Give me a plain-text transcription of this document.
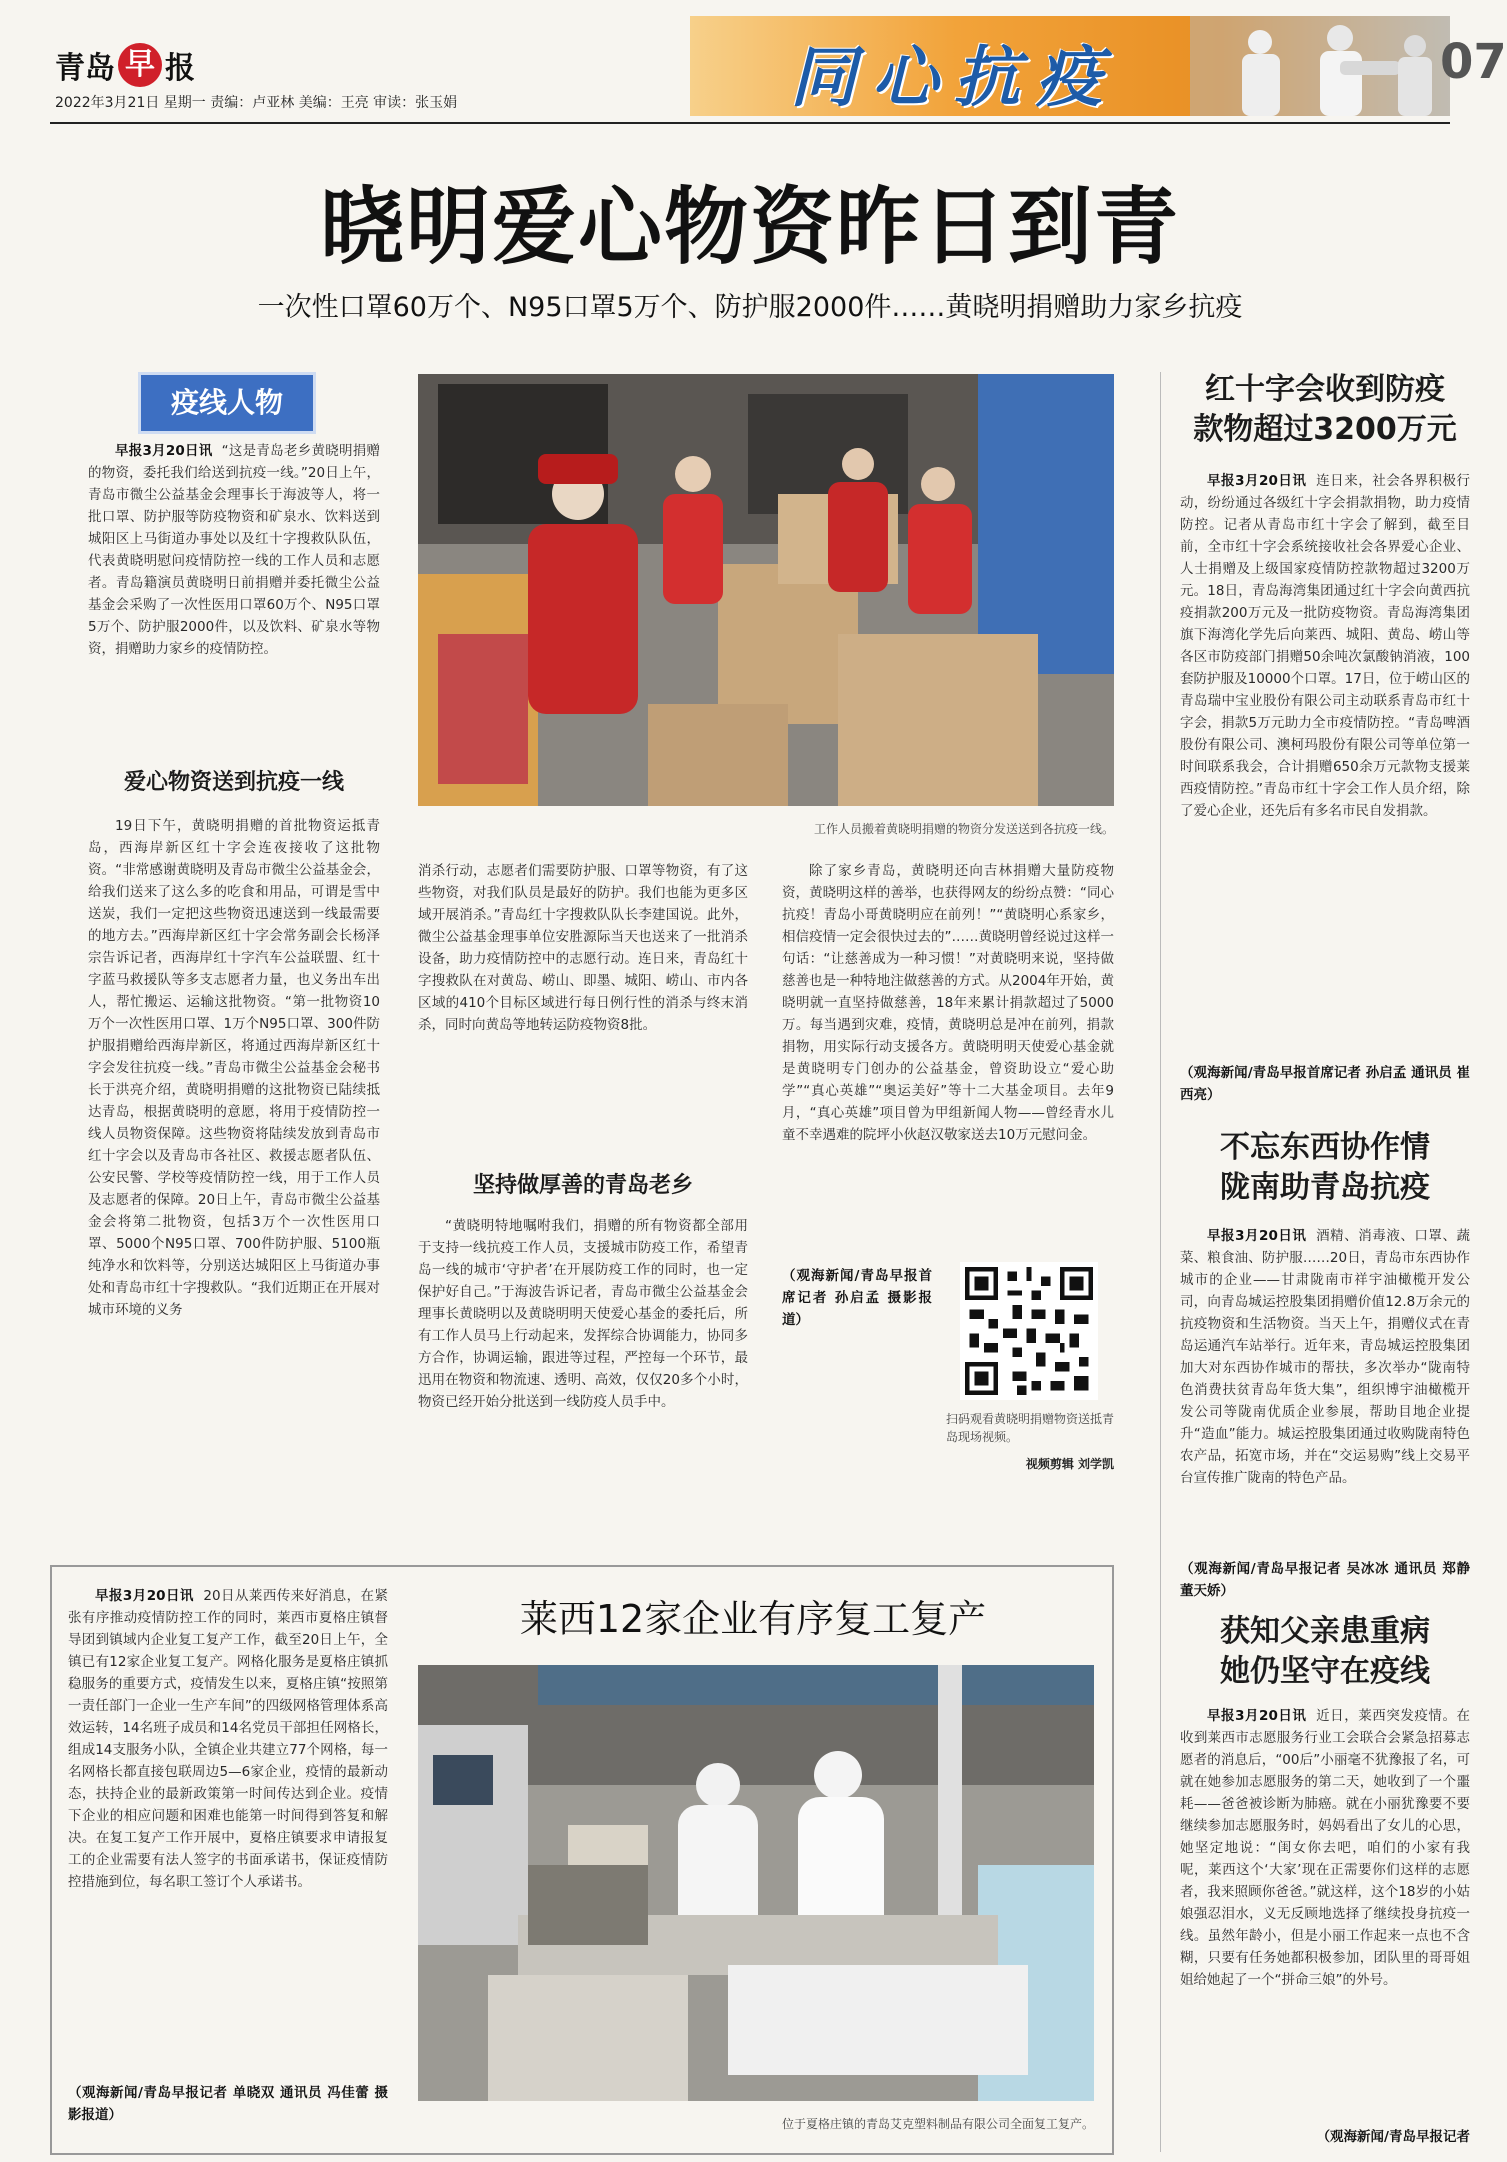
青岛 早 报
2022年3月21日 星期一 责编：卢亚林 美编：王亮 审读：张玉娟	同心抗疫	07
晓明爱心物资昨日到青
一次性口罩60万个、N95口罩5万个、防护服2000件……黄晓明捐赠助力家乡抗疫
疫线人物

早报3月20日讯 “这是青岛老乡黄晓明捐赠的物资，委托我们给送到抗疫一线。”20日上午，青岛市微尘公益基金会理事长于海波等人，将一批口罩、防护服等防疫物资和矿泉水、饮料送到城阳区上马街道办事处以及红十字搜救队队伍，代表黄晓明慰问疫情防控一线的工作人员和志愿者。青岛籍演员黄晓明日前捐赠并委托微尘公益基金会采购了一次性医用口罩60万个、N95口罩5万个、防护服2000件，以及饮料、矿泉水等物资，捐赠助力家乡的疫情防控。

爱心物资送到抗疫一线

19日下午，黄晓明捐赠的首批物资运抵青岛，西海岸新区红十字会连夜接收了这批物资。“非常感谢黄晓明及青岛市微尘公益基金会，给我们送来了这么多的吃食和用品，可谓是雪中送炭，我们一定把这些物资迅速送到一线最需要的地方去。”西海岸新区红十字会常务副会长杨泽宗告诉记者，西海岸红十字汽车公益联盟、红十字蓝马救援队等多支志愿者力量，也义务出车出人，帮忙搬运、运输这批物资。“第一批物资10万个一次性医用口罩、1万个N95口罩、300件防护服捐赠给西海岸新区，将通过西海岸新区红十字会发往抗疫一线。”青岛市微尘公益基金会秘书长于洪亮介绍，黄晓明捐赠的这批物资已陆续抵达青岛，根据黄晓明的意愿，将用于疫情防控一线人员物资保障。这些物资将陆续发放到青岛市红十字会以及青岛市各社区、救援志愿者队伍、公安民警、学校等疫情防控一线，用于工作人员及志愿者的保障。20日上午，青岛市微尘公益基金会将第二批物资，包括3万个一次性医用口罩、5000个N95口罩、700件防护服、5100瓶纯净水和饮料等，分别送达城阳区上马街道办事处和青岛市红十字搜救队。“我们近期正在开展对城市环境的义务

工作人员搬着黄晓明捐赠的物资分发送送到各抗疫一线。

消杀行动，志愿者们需要防护服、口罩等物资，有了这些物资，对我们队员是最好的防护。我们也能为更多区域开展消杀。”青岛红十字搜救队队长李建国说。此外，微尘公益基金理事单位安胜源际当天也送来了一批消杀设备，助力疫情防控中的志愿行动。连日来，青岛红十字搜救队在对黄岛、崂山、即墨、城阳、崂山、市内各区域的410个目标区域进行每日例行性的消杀与终末消杀，同时向黄岛等地转运防疫物资8批。

坚持做厚善的青岛老乡

“黄晓明特地嘱咐我们，捐赠的所有物资都全部用于支持一线抗疫工作人员，支援城市防疫工作，希望青岛一线的城市‘守护者’在开展防疫工作的同时，也一定保护好自己。”于海波告诉记者，青岛市微尘公益基金会理事长黄晓明以及黄晓明明天使爱心基金的委托后，所有工作人员马上行动起来，发挥综合协调能力，协同多方合作，协调运输，跟进等过程，严控每一个环节，最迅用在物资和物流速、透明、高效，仅仅20多个小时，物资已经开始分批送到一线防疫人员手中。

除了家乡青岛，黄晓明还向吉林捐赠大量防疫物资，黄晓明这样的善举，也获得网友的纷纷点赞：“同心抗疫！青岛小哥黄晓明应在前列！”“黄晓明心系家乡，相信疫情一定会很快过去的”……黄晓明曾经说过这样一句话：“让慈善成为一种习惯！”对黄晓明来说，坚持做慈善也是一种特地注做慈善的方式。从2004年开始，黄晓明就一直坚持做慈善，18年来累计捐款超过了5000万。每当遇到灾难，疫情，黄晓明总是冲在前列，捐款捐物，用实际行动支援各方。黄晓明明天使爱心基金就是黄晓明专门创办的公益基金，曾资助设立“爱心助学”“真心英雄”“奥运美好”等十二大基金项目。去年9月，“真心英雄”项目曾为甲组新闻人物——曾经青水儿童不幸遇难的院坪小伙赵汉敬家送去10万元慰问金。

（观海新闻/青岛早报首席记者 孙启孟 摄影报道）

扫码观看黄晓明捐赠物资送抵青岛现场视频。
视频剪辑 刘学凯
红十字会收到防疫
款物超过3200万元

早报3月20日讯 连日来，社会各界积极行动，纷纷通过各级红十字会捐款捐物，助力疫情防控。记者从青岛市红十字会了解到，截至目前，全市红十字会系统接收社会各界爱心企业、人士捐赠及上级国家疫情防控款物超过3200万元。18日，青岛海湾集团通过红十字会向黄西抗疫捐款200万元及一批防疫物资。青岛海湾集团旗下海湾化学先后向莱西、城阳、黄岛、崂山等各区市防疫部门捐赠50余吨次氯酸钠消液，100套防护服及10000个口罩。17日，位于崂山区的青岛瑞中宝业股份有限公司主动联系青岛市红十字会，捐款5万元助力全市疫情防控。“青岛啤酒股份有限公司、澳柯玛股份有限公司等单位第一时间联系我会，合计捐赠650余万元款物支援莱西疫情防控。”青岛市红十字会工作人员介绍，除了爱心企业，还先后有多名市民自发捐款。

（观海新闻/青岛早报首席记者 孙启孟 通讯员 崔西亮）

不忘东西协作情
陇南助青岛抗疫

早报3月20日讯 酒精、消毒液、口罩、蔬菜、粮食油、防护服……20日，青岛市东西协作城市的企业——甘肃陇南市祥宇油橄榄开发公司，向青岛城运控股集团捐赠价值12.8万余元的抗疫物资和生活物资。当天上午，捐赠仪式在青岛运通汽车站举行。近年来，青岛城运控股集团加大对东西协作城市的帮扶，多次举办“陇南特色消费扶贫青岛年货大集”，组织博宇油橄榄开发公司等陇南优质企业参展，帮助目地企业提升“造血”能力。城运控股集团通过收购陇南特色农产品，拓宽市场，并在“交运易购”线上交易平台宣传推广陇南的特色产品。

（观海新闻/青岛早报记者 吴冰冰 通讯员 郑静 董天娇）

获知父亲患重病
她仍坚守在疫线

早报3月20日讯 近日，莱西突发疫情。在收到莱西市志愿服务行业工会联合会紧急招募志愿者的消息后，“00后”小丽毫不犹豫报了名，可就在她参加志愿服务的第二天，她收到了一个噩耗——爸爸被诊断为肺癌。就在小丽犹豫要不要继续参加志愿服务时，妈妈看出了女儿的心思，她坚定地说：“闺女你去吧，咱们的小家有我呢，莱西这个‘大家’现在正需要你们这样的志愿者，我来照顾你爸爸。”就这样，这个18岁的小姑娘强忍泪水，义无反顾地选择了继续投身抗疫一线。虽然年龄小，但是小丽工作起来一点也不含糊，只要有任务她都积极参加，团队里的哥哥姐姐给她起了一个“拼命三娘”的外号。

（观海新闻/青岛早报记者

早报3月20日讯 20日从莱西传来好消息，在紧张有序推动疫情防控工作的同时，莱西市夏格庄镇督导团到镇域内企业复工复产工作，截至20日上午，全镇已有12家企业复工复产。网格化服务是夏格庄镇抓稳服务的重要方式，疫情发生以来，夏格庄镇“按照第一责任部门一企业一生产车间”的四级网格管理体系高效运转，14名班子成员和14名党员干部担任网格长，组成14支服务小队，全镇企业共建立77个网格，每一名网格长都直接包联周边5—6家企业，疫情的最新动态，扶持企业的最新政策第一时间传达到企业。疫情下企业的相应问题和困难也能第一时间得到答复和解决。在复工复产工作开展中，夏格庄镇要求申请报复工的企业需要有法人签字的书面承诺书，保证疫情防控措施到位，每名职工签订个人承诺书。

（观海新闻/青岛早报记者 单晓双 通讯员 冯佳蕾 摄影报道）

莱西12家企业有序复工复产
位于夏格庄镇的青岛艾克塑料制品有限公司全面复工复产。
